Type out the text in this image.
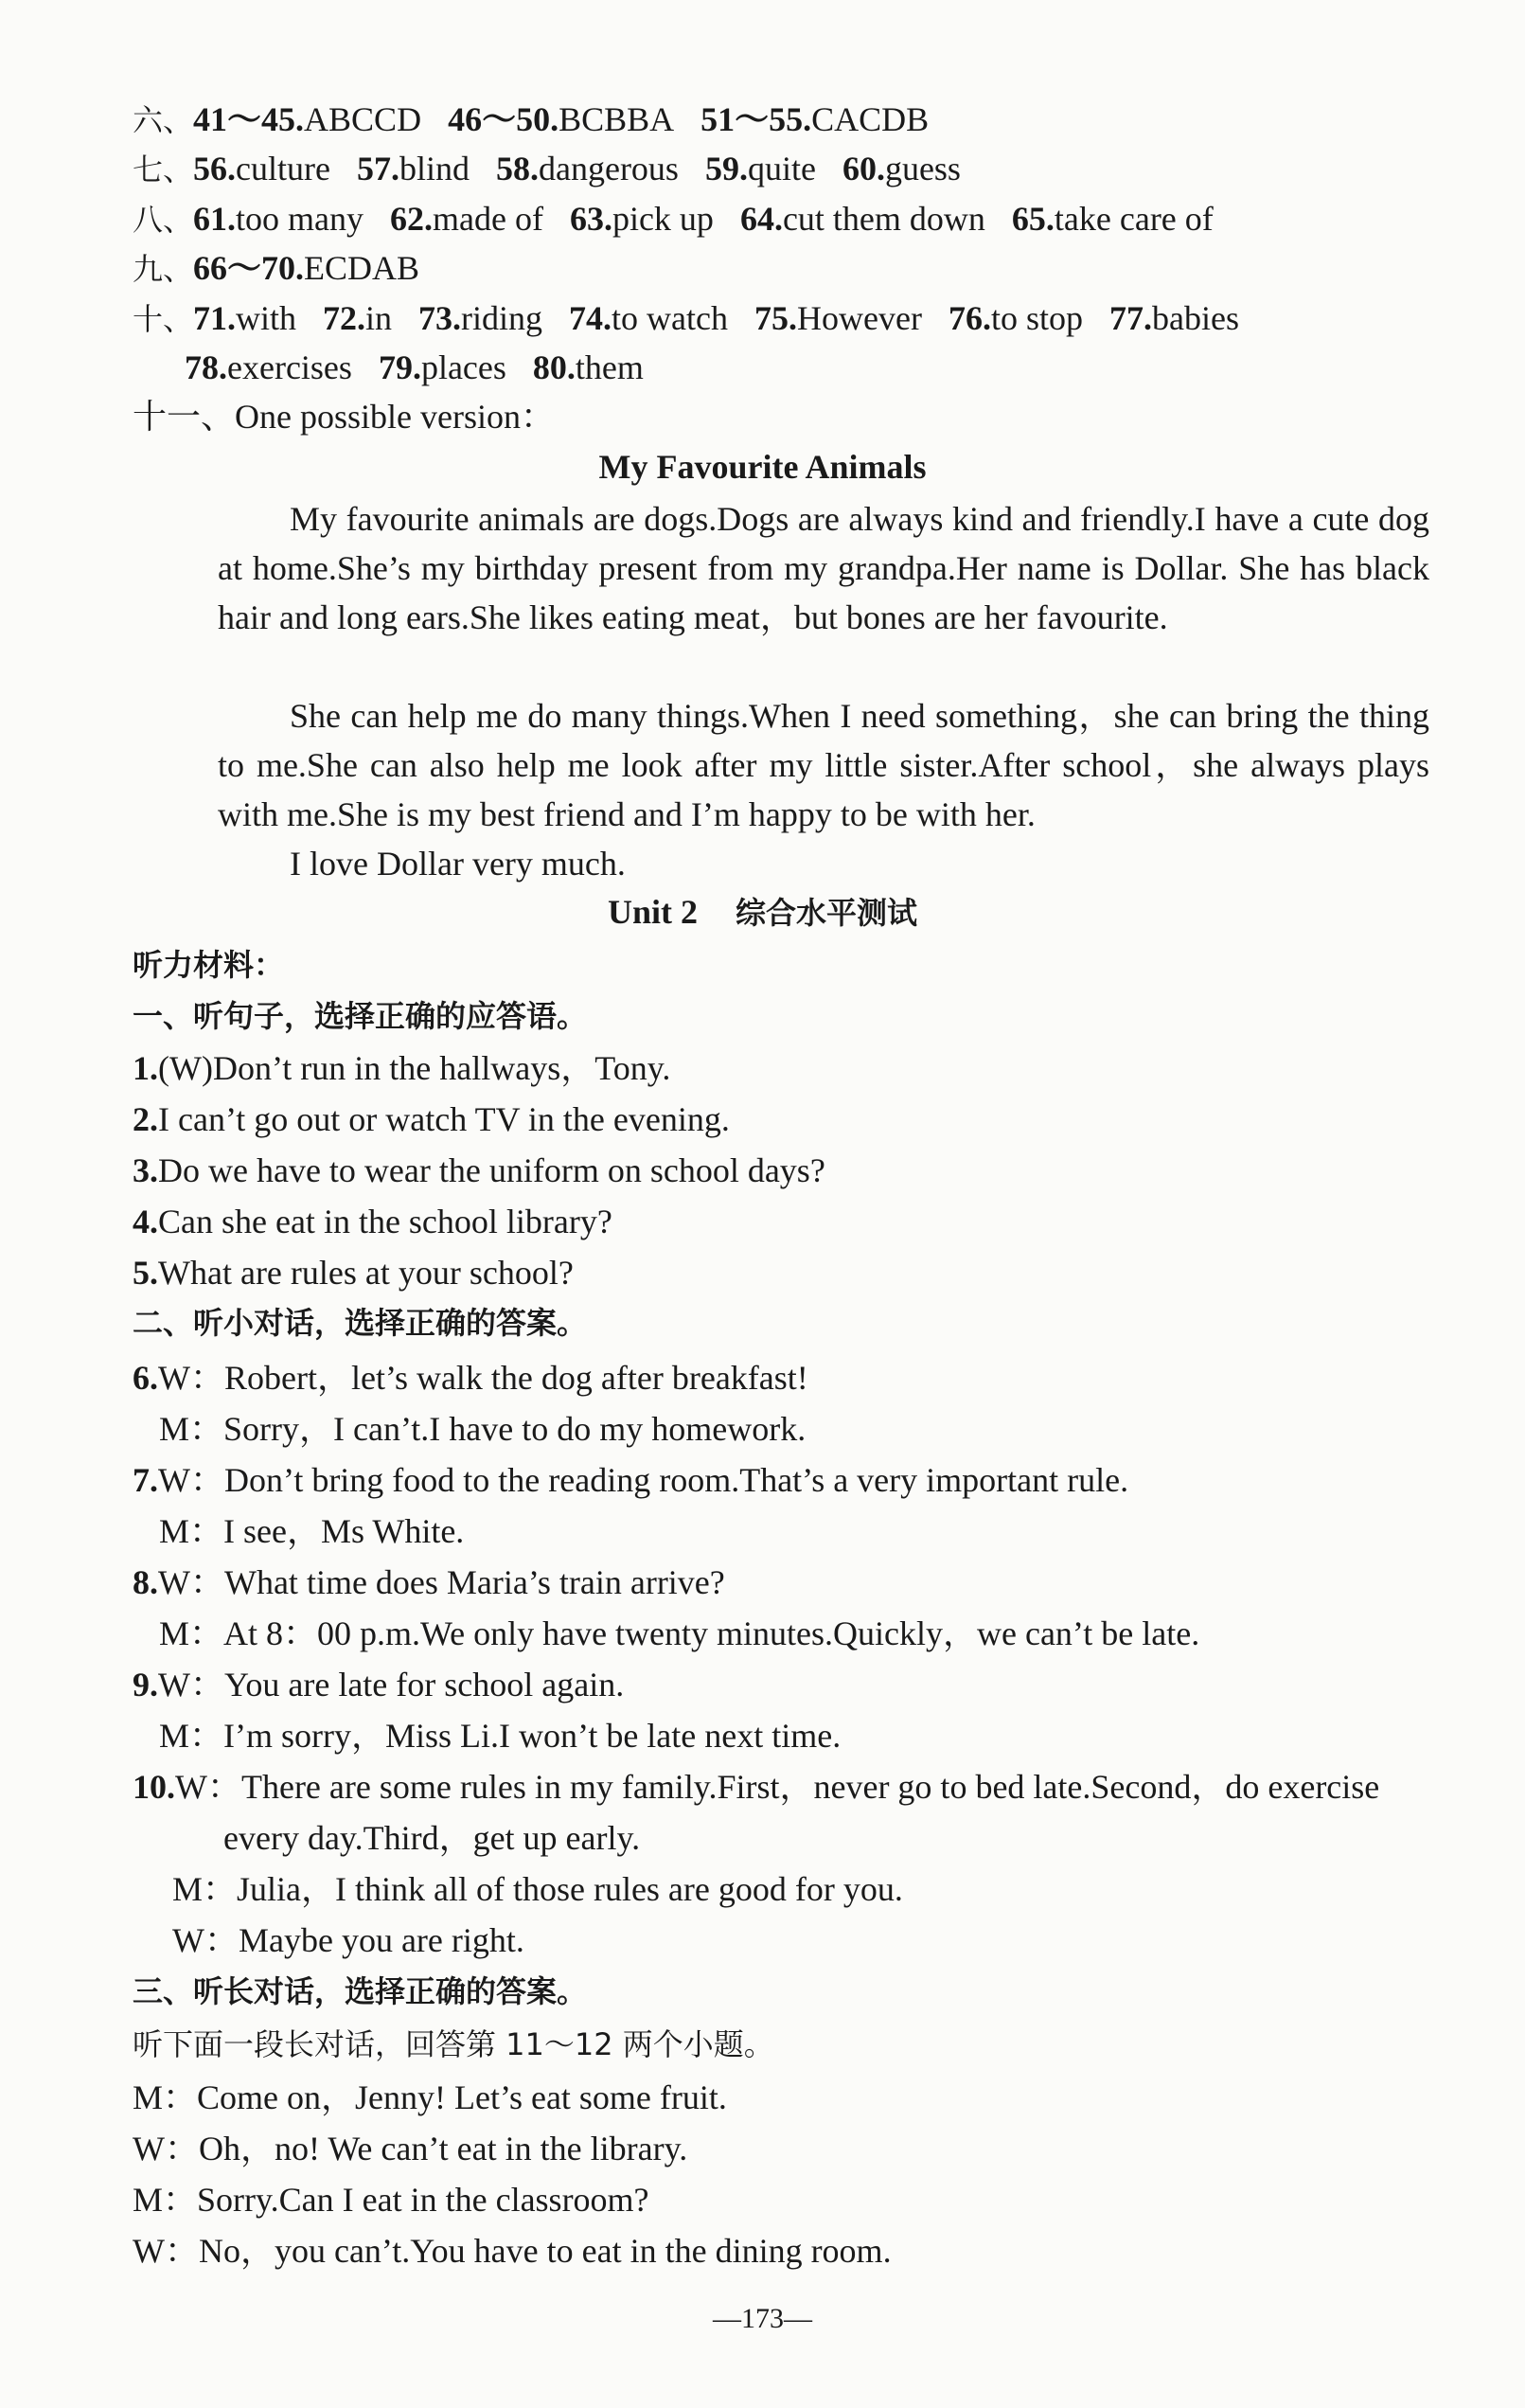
六、41～45.ABCCD 46～50.BCBBA 51～55.CACDB
七、56.culture 57.blind 58.dangerous 59.quite 60.guess
八、61.too many 62.made of 63.pick up 64.cut them down 65.take care of
九、66～70.ECDAB
十、71.with 72.in 73.riding 74.to watch 75.However 76.to stop 77.babies
78.exercises 79.places 80.them
十一、One possible version：
My Favourite Animals
My favourite animals are dogs.Dogs are always kind and friendly.I have a cute dog at home.She’s my birthday present from my grandpa.Her name is Dollar. She has black hair and long ears.She likes eating meat，but bones are her favourite.
She can help me do many things.When I need something，she can bring the thing to me.She can also help me look after my little sister.After school，she always plays with me.She is my best friend and I’m happy to be with her.
I love Dollar very much.
Unit 2 综合水平测试
听力材料：
一、听句子，选择正确的应答语。
1.(W)Don’t run in the hallways，Tony.
2.I can’t go out or watch TV in the evening.
3.Do we have to wear the uniform on school days?
4.Can she eat in the school library?
5.What are rules at your school?
二、听小对话，选择正确的答案。
6.W：Robert，let’s walk the dog after breakfast!
M：Sorry，I can’t.I have to do my homework.
7.W：Don’t bring food to the reading room.That’s a very important rule.
M：I see，Ms White.
8.W：What time does Maria’s train arrive?
M：At 8：00 p.m.We only have twenty minutes.Quickly，we can’t be late.
9.W：You are late for school again.
M：I’m sorry，Miss Li.I won’t be late next time.
10.W：There are some rules in my family.First，never go to bed late.Second，do exercise
every day.Third，get up early.
M：Julia，I think all of those rules are good for you.
W：Maybe you are right.
三、听长对话，选择正确的答案。
听下面一段长对话，回答第 11～12 两个小题。
M：Come on，Jenny! Let’s eat some fruit.
W：Oh，no! We can’t eat in the library.
M：Sorry.Can I eat in the classroom?
W：No，you can’t.You have to eat in the dining room.
—173—
